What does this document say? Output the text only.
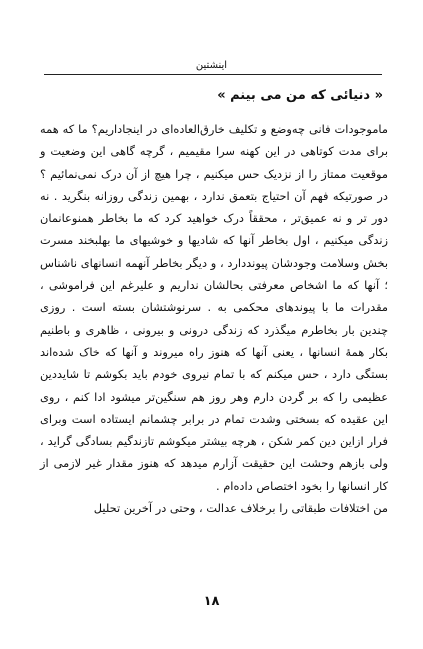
اینشتین
« دنیائی که من می بینم »

ماموجودات فانی چه‌وضع و تکلیف خارق‌العاده‌ای در اینجاداریم؟ ما که همه برای مدت کوتاهی در این کهنه سرا مقیمیم ، گرچه گاهی این وضعیت و موقعیت ممتاز را از نزدیک حس میکنیم ، چرا هیچ از آن درک نمی‌نمائیم ؟ در صورتیکه فهم آن احتیاج بتعمق ندارد ، بهمین زندگی روزانه بنگرید . نه دور تر و نه عمیق‌تر ، محققاً درک خواهید کرد که ما بخاطر همنوعانمان زندگی میکنیم ، اول بخاطر آنها که شادیها و خوشیهای ما بهلبخند مسرت بخش وسلامت وجودشان پیونددارد ، و دیگر بخاطر آنهمه انسانهای ناشناس ؛ آنها که ما اشخاص معرفتی بحالشان نداریم و علیرغم این فراموشی ، مقدرات ما با پیوندهای محکمی به . سرنوشتشان بسته است . روزی چندین بار بخاطرم میگذرد که زندگی درونی و بیرونی ، ظاهری و باطنیم بکار همهٔ انسانها ، یعنی آنها که هنوز راه میروند و آنها که خاک شده‌اند بستگی دارد ، حس میکنم که با تمام نیروی خودم باید بکوشم تا شایددین عظیمی را که بر گردن دارم وهر روز هم سنگین‌تر میشود ادا کنم ، روی این عقیده که بسختی وشدت تمام در برابر چشمانم ایستاده است وبرای فرار ازاین دین کمر شکن ، هرچه بیشتر میکوشم تازندگیم بسادگی گراید ، ولی بازهم وحشت این حقیقت آزارم میدهد که هنوز مقدار غیر لازمی از کار انسانها را بخود اختصاص داده‌ام .

من اختلافات طبقاتی را برخلاف عدالت ، وحتی در آخرین تحلیل

۱۸
